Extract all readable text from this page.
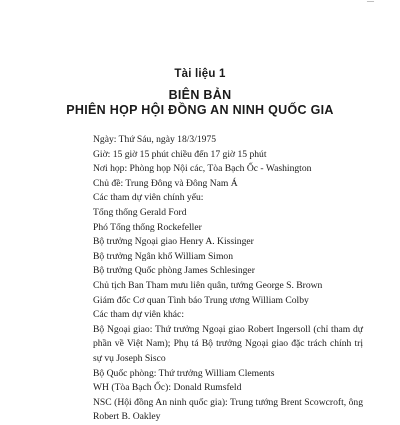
—
Tài liệu 1
BIÊN BẢN
PHIÊN HỌP HỘI ĐỒNG AN NINH QUỐC GIA

Ngày: Thứ Sáu, ngày 18/3/1975

Giờ: 15 giờ 15 phút chiều đến 17 giờ 15 phút

Nơi họp: Phòng họp Nội các, Tòa Bạch Ốc - Washington

Chủ đề: Trung Đông và Đông Nam Á

Các tham dự viên chính yếu:

Tổng thống Gerald Ford

Phó Tổng thống Rockefeller

Bộ trưởng Ngoại giao Henry A. Kissinger

Bộ trưởng Ngân khố William Simon

Bộ trưởng Quốc phòng James Schlesinger

Chủ tịch Ban Tham mưu liên quân, tướng George S. Brown

Giám đốc Cơ quan Tình báo Trung ương William Colby

Các tham dự viên khác:

Bộ Ngoại giao: Thứ trưởng Ngoại giao Robert Ingersoll (chỉ tham dự phần về Việt Nam); Phụ tá Bộ trưởng Ngoại giao đặc trách chính trị sự vụ Joseph Sisco

Bộ Quốc phòng: Thứ trưởng William Clements

WH (Tòa Bạch Ốc): Donald Rumsfeld

NSC (Hội đồng An ninh quốc gia): Trung tướng Brent Scowcroft, ông Robert B. Oakley
